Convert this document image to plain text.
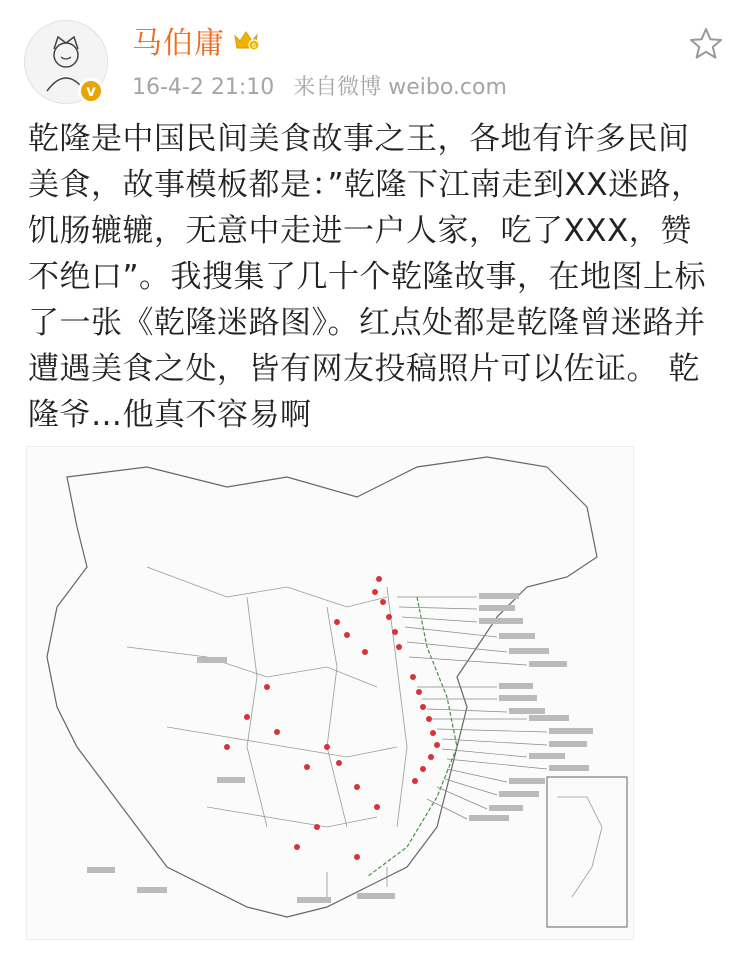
v
马伯庸	6
16-4-2 21:10 来自微博 weibo.com

乾隆是中国民间美食故事之王，各地有许多民间美食，故事模板都是：”乾隆下江南走到XX迷路，饥肠辘辘，无意中走进一户人家，吃了XXX，赞不绝口”。我搜集了几十个乾隆故事，在地图上标了一张《乾隆迷路图》。红点处都是乾隆曾迷路并遭遇美食之处，皆有网友投稿照片可以佐证。 乾隆爷…他真不容易啊
